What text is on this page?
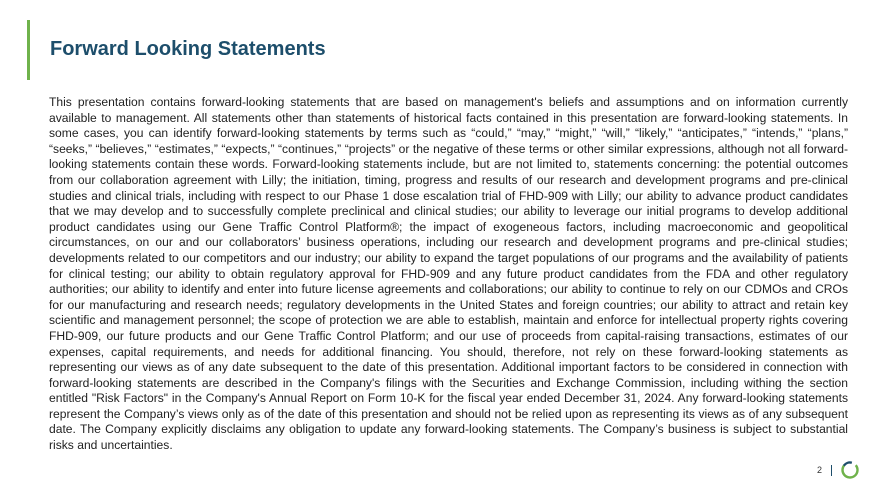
Forward Looking Statements

This presentation contains forward-looking statements that are based on management's beliefs and assumptions and on information currently available to management. All statements other than statements of historical facts contained in this presentation are forward-looking statements. In some cases, you can identify forward-looking statements by terms such as “could,” “may,” “might,” “will,” “likely,” “anticipates,” “intends,” “plans,” “seeks,” “believes,” “estimates,” “expects,” “continues,” “projects” or the negative of these terms or other similar expressions, although not all forward-looking statements contain these words. Forward-looking statements include, but are not limited to, statements concerning: the potential outcomes from our collaboration agreement with Lilly; the initiation, timing, progress and results of our research and development programs and pre-clinical studies and clinical trials, including with respect to our Phase 1 dose escalation trial of FHD-909 with Lilly; our ability to advance product candidates that we may develop and to successfully complete preclinical and clinical studies; our ability to leverage our initial programs to develop additional product candidates using our Gene Traffic Control Platform®; the impact of exogeneous factors, including macroeconomic and geopolitical circumstances, on our and our collaborators’ business operations, including our research and development programs and pre-clinical studies; developments related to our competitors and our industry; our ability to expand the target populations of our programs and the availability of patients for clinical testing; our ability to obtain regulatory approval for FHD-909 and any future product candidates from the FDA and other regulatory authorities; our ability to identify and enter into future license agreements and collaborations; our ability to continue to rely on our CDMOs and CROs for our manufacturing and research needs; regulatory developments in the United States and foreign countries; our ability to attract and retain key scientific and management personnel; the scope of protection we are able to establish, maintain and enforce for intellectual property rights covering FHD-909, our future products and our Gene Traffic Control Platform; and our use of proceeds from capital-raising transactions, estimates of our expenses, capital requirements, and needs for additional financing. You should, therefore, not rely on these forward-looking statements as representing our views as of any date subsequent to the date of this presentation. Additional important factors to be considered in connection with forward-looking statements are described in the Company's filings with the Securities and Exchange Commission, including withing the section entitled "Risk Factors" in the Company's Annual Report on Form 10-K for the fiscal year ended December 31, 2024. Any forward-looking statements represent the Company’s views only as of the date of this presentation and should not be relied upon as representing its views as of any subsequent date. The Company explicitly disclaims any obligation to update any forward-looking statements. The Company’s business is subject to substantial risks and uncertainties.

2
